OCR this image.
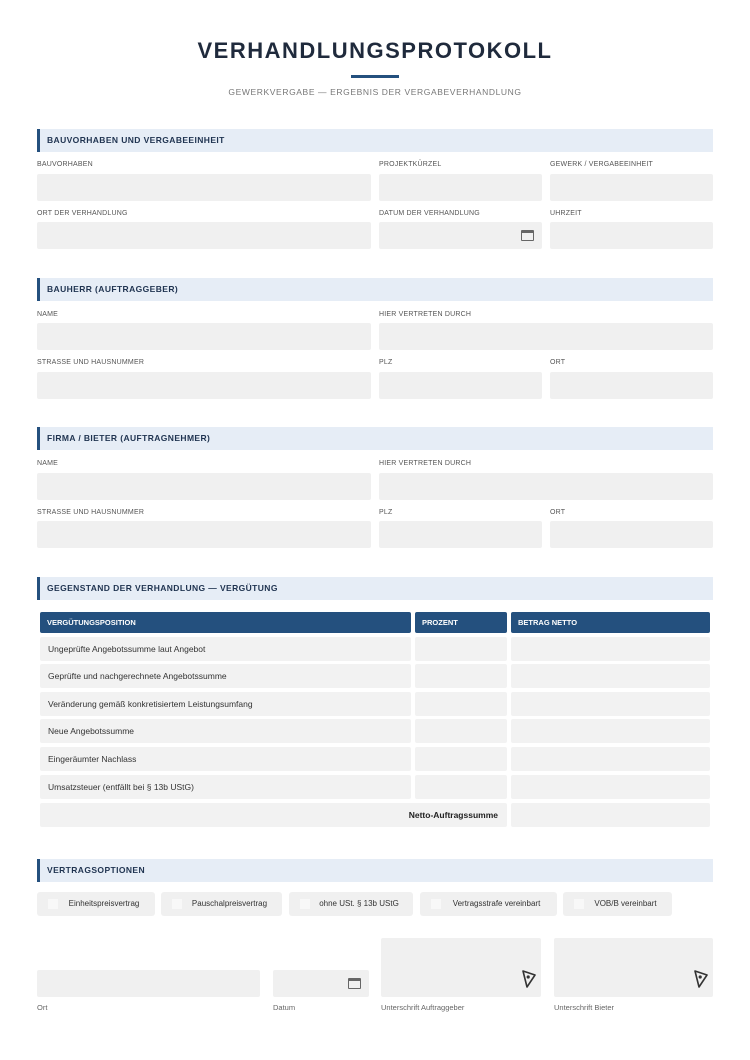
VERHANDLUNGSPROTOKOLL
GEWERKVERGABE — ERGEBNIS DER VERGABEVERHANDLUNG
BAUVORHABEN UND VERGABEEINHEIT
BAUVORHABEN	PROJEKTKÜRZEL	GEWERK / VERGABEEINHEIT
ORT DER VERHANDLUNG	DATUM DER VERHANDLUNG	UHRZEIT
BAUHERR (AUFTRAGGEBER)
NAME	HIER VERTRETEN DURCH
STRASSE UND HAUSNUMMER	PLZ	ORT
FIRMA / BIETER (AUFTRAGNEHMER)
NAME	HIER VERTRETEN DURCH
STRASSE UND HAUSNUMMER	PLZ	ORT
GEGENSTAND DER VERHANDLUNG — VERGÜTUNG
VERGÜTUNGSPOSITION	PROZENT	BETRAG NETTO
Ungeprüfte Angebotssumme laut Angebot
Geprüfte und nachgerechnete Angebotssumme
Veränderung gemäß konkretisiertem Leistungsumfang
Neue Angebotssumme
Eingeräumter Nachlass
Umsatzsteuer (entfällt bei § 13b UStG)
Netto-Auftragssumme
VERTRAGSOPTIONEN
Einheitspreisvertrag	Pauschalpreisvertrag	ohne USt. § 13b UStG	Vertragsstrafe vereinbart	VOB/B vereinbart
Ort	Datum	Unterschrift Auftraggeber	Unterschrift Bieter
